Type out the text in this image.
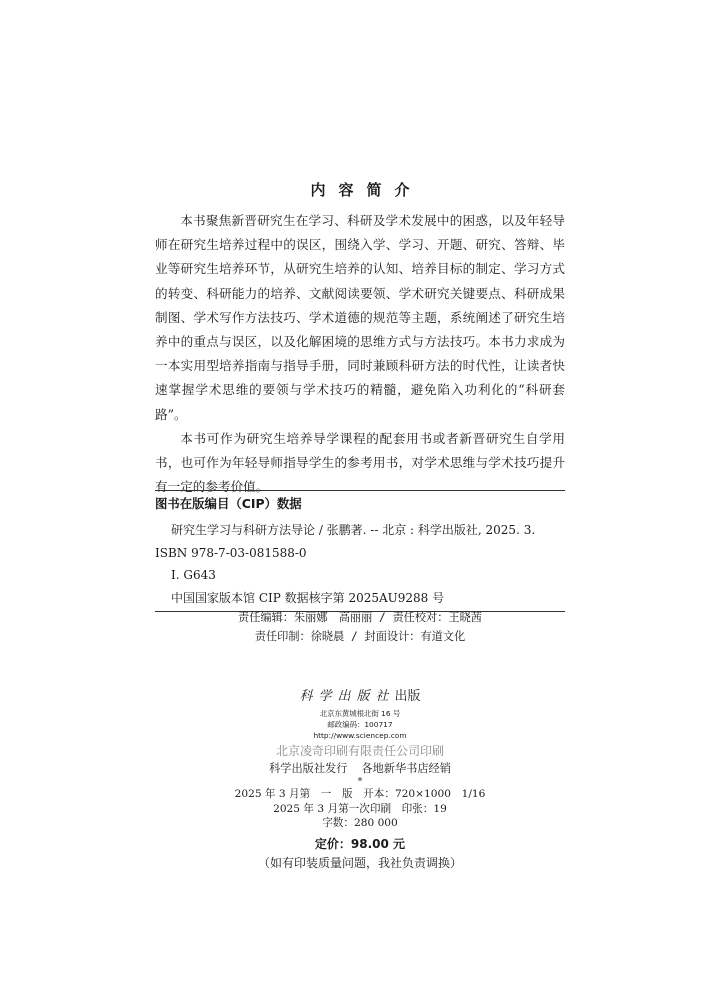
内容简介

本书聚焦新晋研究生在学习、科研及学术发展中的困惑，以及年轻导师在研究生培养过程中的误区，围绕入学、学习、开题、研究、答辩、毕业等研究生培养环节，从研究生培养的认知、培养目标的制定、学习方式的转变、科研能力的培养、文献阅读要领、学术研究关键要点、科研成果制图、学术写作方法技巧、学术道德的规范等主题，系统阐述了研究生培养中的重点与误区，以及化解困境的思维方式与方法技巧。本书力求成为一本实用型培养指南与指导手册，同时兼顾科研方法的时代性，让读者快速掌握学术思维的要领与学术技巧的精髓，避免陷入功利化的“科研套路”。

本书可作为研究生培养导学课程的配套用书或者新晋研究生自学用书，也可作为年轻导师指导学生的参考用书，对学术思维与学术技巧提升有一定的参考价值。

图书在版编目（CIP）数据
研究生学习与科研方法导论 / 张鹏著. -- 北京 : 科学出版社, 2025. 3.
ISBN 978-7-03-081588-0
Ⅰ. G643
中国国家版本馆 CIP 数据核字第 2025AU9288 号
责任编辑：朱丽娜　高丽丽 / 责任校对：王晓茜
责任印制：徐晓晨 / 封面设计：有道文化
科学出版社出版
北京东黄城根北街 16 号
邮政编码：100717
http://www.sciencep.com
北京凌奇印刷有限责任公司印刷
科学出版社发行 各地新华书店经销
*
2025 年 3 月第　一　版　开本：720×1000　1/16
2025 年 3 月第一次印刷　印张：19
字数：280 000
定价：98.00 元
（如有印装质量问题，我社负责调换）
